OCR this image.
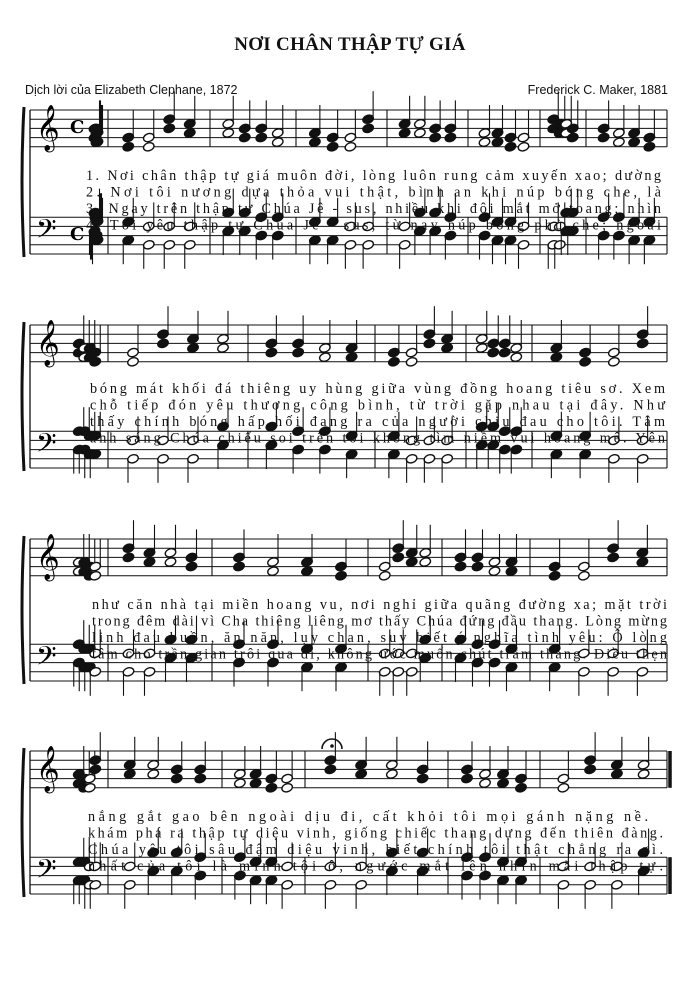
NƠI CHÂN THẬP TỰ GIÁ
Dịch lời của Elizabeth Clephane, 1872	Frederick C. Maker, 1881
𝄞
𝄢
C
C
1. Nơi chân thập tự giá muôn đời, lòng luôn rung cảm xuyến xao; dường
2. Nơi tôi nương dựa thỏa vui thật, bình an khi núp bóng che, là
3. Ngay trên thập tự Chúa Jê - sus, nhiều khi đôi mắt mở toang; nhìn
4. Tôi yêu thập tự Chúa Jê - sus, từ nay núp bóng phủ che; ngoài
𝄞
𝄢
bóng mát khối đá thiêng uy hùng giữa vùng đồng hoang tiêu sơ. Xem
chỗ tiếp đón yêu thương công bình, từ trời gặp nhau tại đây. Như
thấy chính bóng hấp hối đang ra của người chịu đau cho tôi. Tâm
ánh sáng Chúa chiếu soi trên tôi không tìm niềm vui hoang mê. Yên
𝄞
𝄢
như căn nhà tại miền hoang vu, nơi nghỉ giữa quãng đường xa; mặt trời
trong đêm dài vì Cha thiêng liêng mơ thấy Chúa đứng đầu thang. Lòng mừng
linh đau buồn, ăn năn, lụy chan, suy biết ý nghĩa tình yêu: Ô lòng
tâm cho trần gian trôi qua đi, không ước muốn chút trầm thăng. Điều thẹn
𝄞
𝄢
nắng gắt gao bên ngoài dịu đi, cất khỏi tôi mọi gánh nặng nề.
khám phá ra thập tự diệu vinh, giống chiếc thang dựng đến thiên đàng.
Chúa yêu tôi sâu đậm diệu vinh, biết chính tôi thật chẳng ra gì.
nhất của tôi là mình tội ô, ngước mắt lên nhìn mãi thập tự.
